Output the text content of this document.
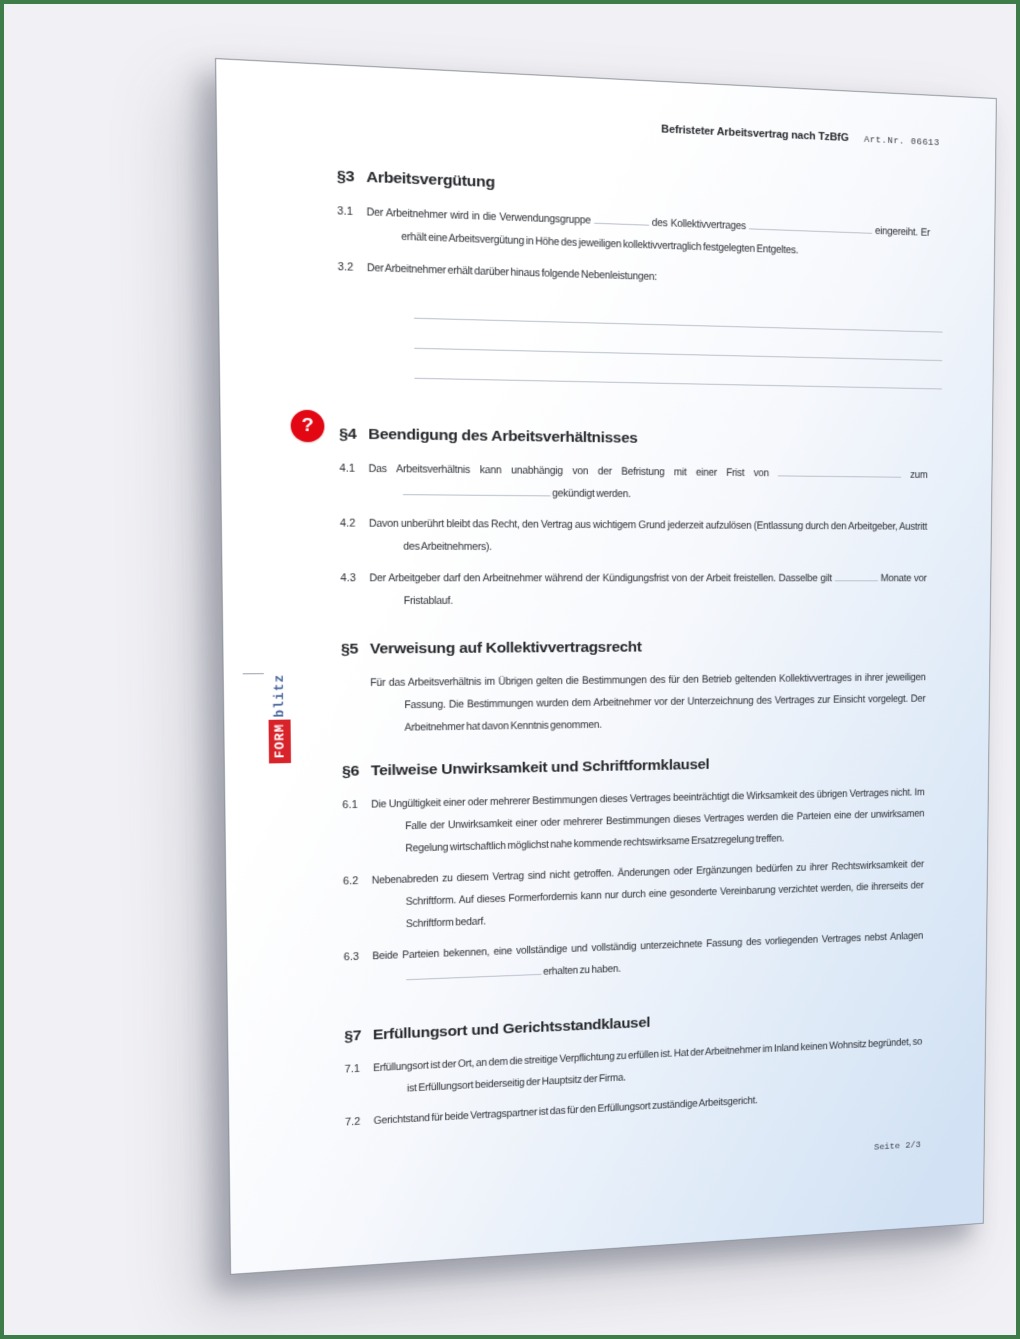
Befristeter Arbeitsvertrag nach TzBfG Art.Nr. 06613
?
FORM
blitz
§3 Arbeitsvergütung
3.1	Der Arbeitnehmer wird in die Verwendungsgruppe	des Kollektivvertrages	eingereiht. Er erhält eine Arbeitsvergütung in Höhe des jeweiligen kollektivvertraglich festgelegten Entgeltes.
3.2	Der Arbeitnehmer erhält darüber hinaus folgende Nebenleistungen:
§4 Beendigung des Arbeitsverhältnisses
4.1	Das Arbeitsverhältnis kann unabhängig von der Befristung mit einer Frist von	zum  gekündigt werden.
4.2	Davon unberührt bleibt das Recht, den Vertrag aus wichtigem Grund jederzeit aufzulösen (Entlassung durch den Arbeitgeber, Austritt des Arbeitnehmers).
4.3	Der Arbeitgeber darf den Arbeitnehmer während der Kündigungsfrist von der Arbeit freistellen. Dasselbe gilt	Monate vor Fristablauf.
§5 Verweisung auf Kollektivvertragsrecht
Für das Arbeitsverhältnis im Übrigen gelten die Bestimmungen des für den Betrieb geltenden Kollektivvertrages in ihrer jeweiligen Fassung. Die Bestimmungen wurden dem Arbeitnehmer vor der Unterzeichnung des Vertrages zur Einsicht vorgelegt. Der Arbeitnehmer hat davon Kenntnis genommen.
§6 Teilweise Unwirksamkeit und Schriftformklausel
6.1	Die Ungültigkeit einer oder mehrerer Bestimmungen dieses Vertrages beeinträchtigt die Wirksamkeit des übrigen Vertrages nicht. Im Falle der Unwirksamkeit einer oder mehrerer Bestimmungen dieses Vertrages werden die Parteien eine der unwirksamen Regelung wirtschaftlich möglichst nahe kommende rechtswirksame Ersatzregelung treffen.
6.2	Nebenabreden zu diesem Vertrag sind nicht getroffen. Änderungen oder Ergänzungen bedürfen zu ihrer Rechtswirksamkeit der Schriftform. Auf dieses Formerfordernis kann nur durch eine gesonderte Vereinbarung verzichtet werden, die ihrerseits der Schriftform bedarf.
6.3	Beide Parteien bekennen, eine vollständige und vollständig unterzeichnete Fassung des vorliegenden Vertrages nebst Anlagen  erhalten zu haben.
§7 Erfüllungsort und Gerichtsstandklausel
7.1	Erfüllungsort ist der Ort, an dem die streitige Verpflichtung zu erfüllen ist. Hat der Arbeitnehmer im Inland keinen Wohnsitz begründet, so ist Erfüllungsort beiderseitig der Hauptsitz der Firma.
7.2	Gerichtstand für beide Vertragspartner ist das für den Erfüllungsort zuständige Arbeitsgericht.
Seite 2/3
